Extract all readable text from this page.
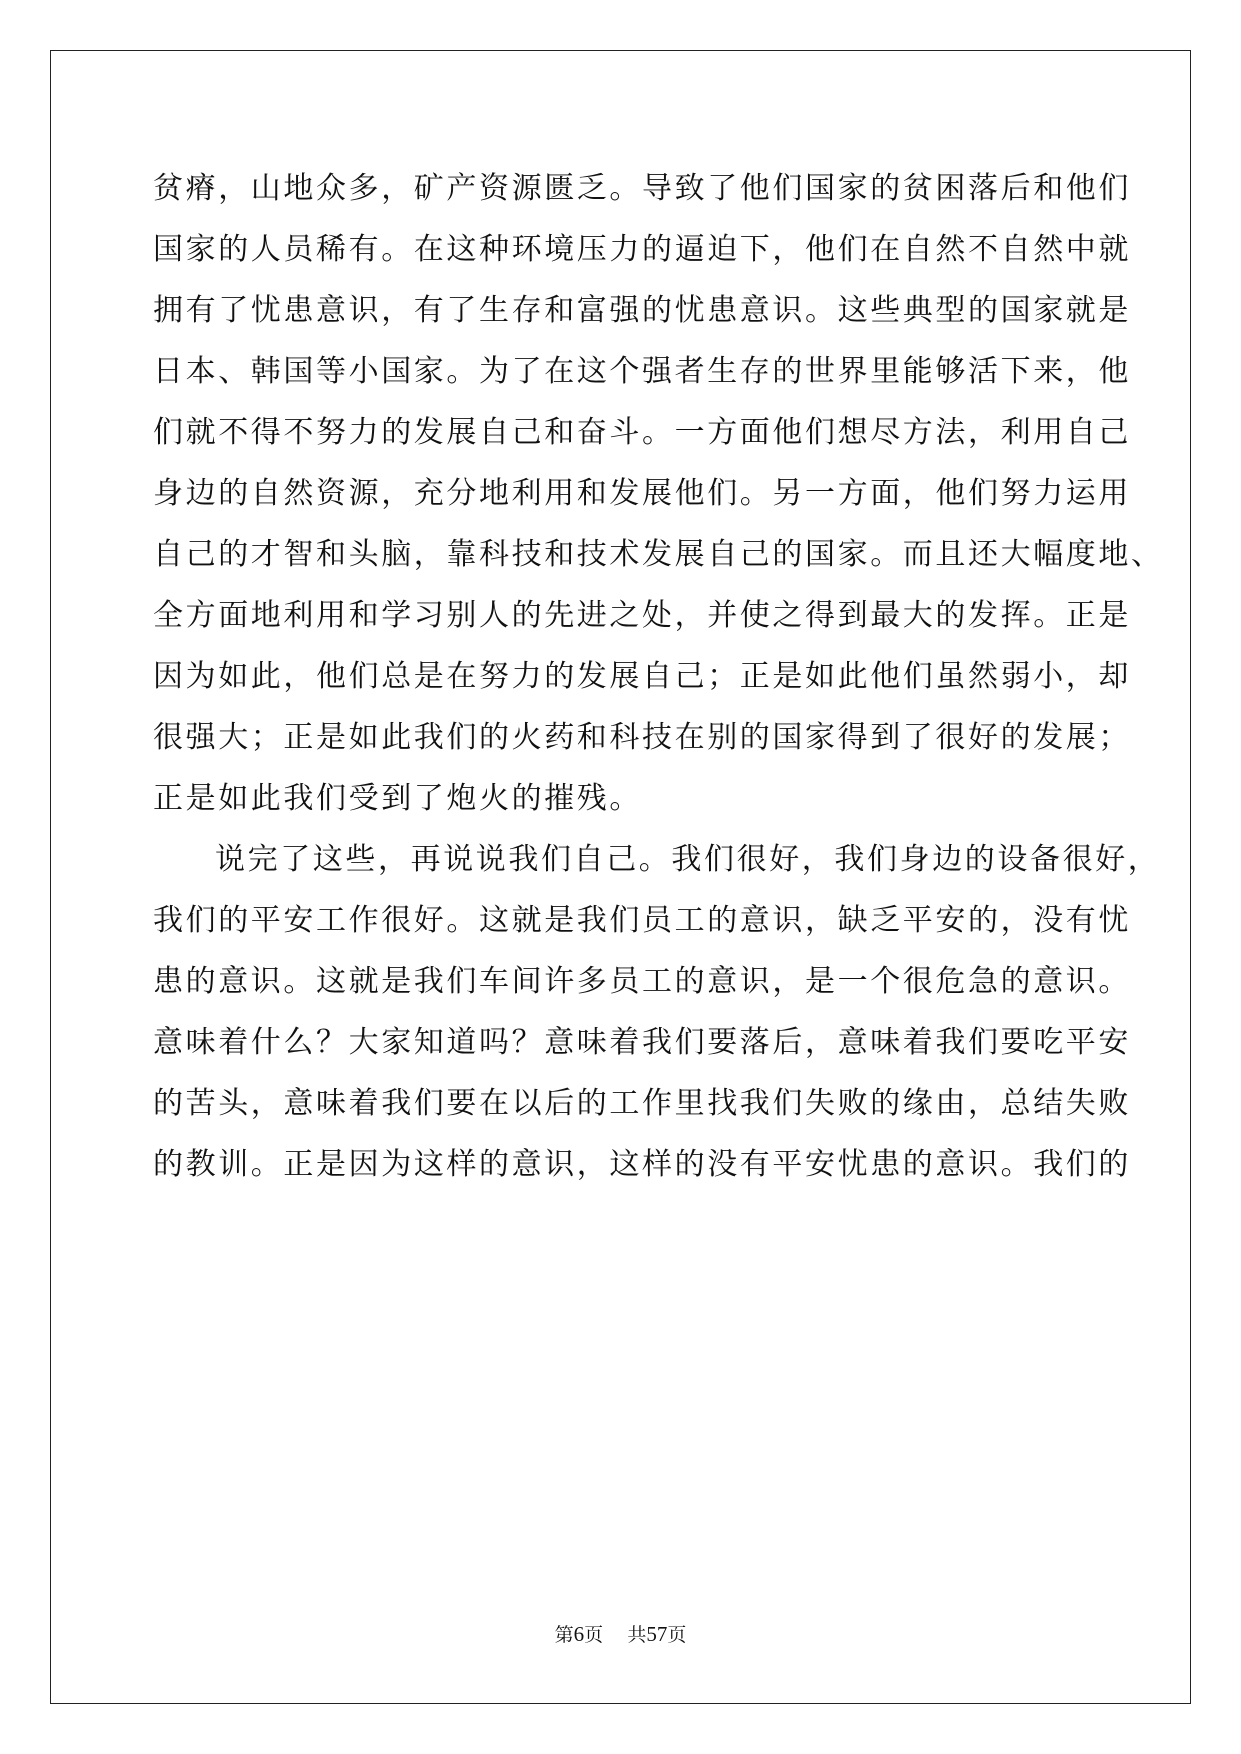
贫瘠，山地众多，矿产资源匮乏。导致了他们国家的贫困落后和他们
国家的人员稀有。在这种环境压力的逼迫下，他们在自然不自然中就
拥有了忧患意识，有了生存和富强的忧患意识。这些典型的国家就是
日本、韩国等小国家。为了在这个强者生存的世界里能够活下来，他
们就不得不努力的发展自己和奋斗。一方面他们想尽方法，利用自己
身边的自然资源，充分地利用和发展他们。另一方面，他们努力运用
自己的才智和头脑，靠科技和技术发展自己的国家。而且还大幅度地、
全方面地利用和学习别人的先进之处，并使之得到最大的发挥。正是
因为如此，他们总是在努力的发展自己；正是如此他们虽然弱小，却
很强大；正是如此我们的火药和科技在别的国家得到了很好的发展；
正是如此我们受到了炮火的摧残。
说完了这些，再说说我们自己。我们很好，我们身边的设备很好，
我们的平安工作很好。这就是我们员工的意识，缺乏平安的，没有忧
患的意识。这就是我们车间许多员工的意识，是一个很危急的意识。
意味着什么？大家知道吗？意味着我们要落后，意味着我们要吃平安
的苦头，意味着我们要在以后的工作里找我们失败的缘由，总结失败
的教训。正是因为这样的意识，这样的没有平安忧患的意识。我们的
第6页 共57页
